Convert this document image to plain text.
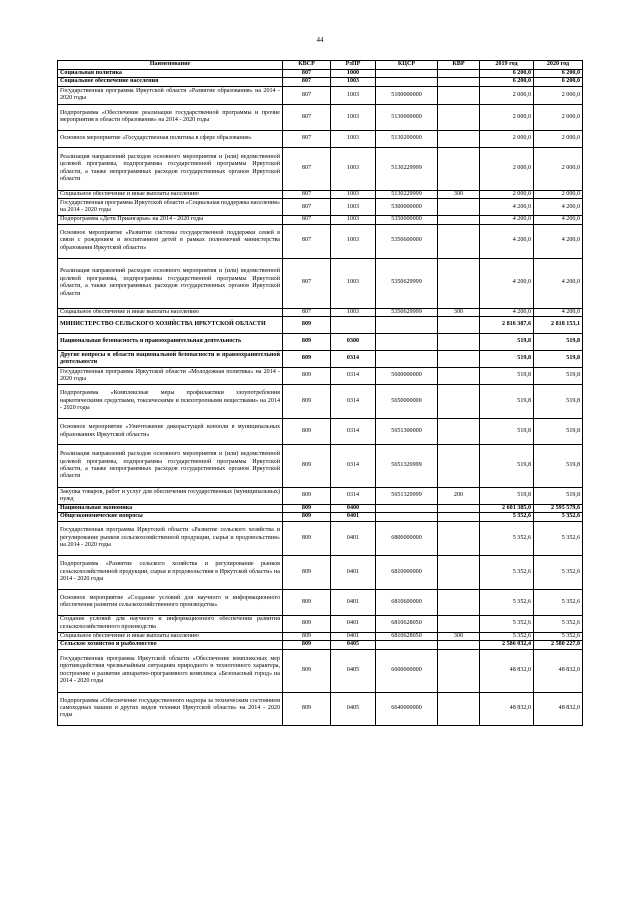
44
Наименование	КВСР	РзПР	КЦСР	КВР	2019 год	2020 год
Социальная политика	807	1000			6 200,0	6 200,0
Социальное обеспечение населения	807	1003			6 200,0	6 200,0
Государственная программа Иркутской области «Развитие образования» на 2014 - 2020 годы	807	1003	5100000000		2 000,0	2 000,0
Подпрограмма «Обеспечение реализации государственной программы и прочие мероприятия в области образования» на 2014 - 2020 годы	807	1003	5130000000		2 000,0	2 000,0
Основное мероприятие «Государственная политика в сфере образования»	807	1003	5130200000		2 000,0	2 000,0
Реализация направлений расходов основного мероприятия и (или) ведомственной целевой программы, подпрограммы государственной программы Иркутской области, а также непрограммных расходов государственных органов Иркутской области	807	1003	5130229999		2 000,0	2 000,0
Социальное обеспечение и иные выплаты населению	807	1003	5130229999	300	2 000,0	2 000,0
Государственная программа Иркутской области «Социальная поддержка населения» на 2014 - 2020 годы	807	1003	5300000000		4 200,0	4 200,0
Подпрограмма «Дети Приангарья» на 2014 - 2020 годы	807	1003	5350000000		4 200,0	4 200,0
Основное мероприятие «Развитие системы государственной поддержки семей в связи с рождением и воспитанием детей в рамках полномочий министерства образования Иркутской области»	807	1003	5350600000		4 200,0	4 200,0
Реализация направлений расходов основного мероприятия и (или) ведомственной целевой программы, подпрограммы государственной программы Иркутской области, а также непрограммных расходов государственных органов Иркутской области	807	1003	5350629999		4 200,0	4 200,0
Социальное обеспечение и иные выплаты населению	807	1003	5350629999	300	4 200,0	4 200,0
МИНИСТЕРСТВО СЕЛЬСКОГО ХОЗЯЙСТВА ИРКУТСКОЙ ОБЛАСТИ	809				2 816 387,6	2 818 153,1
Национальная безопасность и правоохранительная деятельность	809	0300			519,8	519,8
Другие вопросы в области национальной безопасности и правоохранительной деятельности	809	0314			519,8	519,8
Государственная программа Иркутской области «Молодежная политика» на 2014 - 2020 годы	809	0314	5600000000		519,8	519,8
Подпрограмма «Комплексные меры профилактики злоупотребления наркотическими средствами, токсическими и психотропными веществами» на 2014 - 2020 годы	809	0314	5650000000		519,8	519,8
Основное мероприятие «Уничтожение дикорастущей конопли в муниципальных образованиях Иркутской области»	809	0314	5651300000		519,8	519,8
Реализация направлений расходов основного мероприятия и (или) ведомственной целевой программы, подпрограммы государственной программы Иркутской области, а также непрограммных расходов государственных органов Иркутской области	809	0314	5651329999		519,8	519,8
Закупка товаров, работ и услуг для обеспечения государственных (муниципальных) нужд	809	0314	5651329999	200	519,8	519,8
Национальная экономика	809	0400			2 601 385,0	2 595 579,6
Общеэкономические вопросы	809	0401			5 352,6	5 352,6
Государственная программа Иркутской области «Развитие сельского хозяйства и регулирование рынков сельскохозяйственной продукции, сырья и продовольствия» на 2014 - 2020 годы	809	0401	6800000000		5 352,6	5 352,6
Подпрограмма «Развитие сельского хозяйства и регулирование рынков сельскохозяйственной продукции, сырья и продовольствия в Иркутской области» на 2014 - 2020 годы	809	0401	6810000000		5 352,6	5 352,6
Основное мероприятие «Создание условий для научного и информационного обеспечения развития сельскохозяйственного производства»	809	0401	6810600000		5 352,6	5 352,6
Создание условий для научного и информационного обеспечения развития сельскохозяйственного производства	809	0401	6810628050		5 352,6	5 352,6
Социальное обеспечение и иные выплаты населению	809	0401	6810628050	300	5 352,6	5 352,6
Сельское хозяйство и рыболовство	809	0405			2 586 032,4	2 580 227,0
Государственная программа Иркутской области «Обеспечение комплексных мер противодействия чрезвычайным ситуациям природного и техногенного характера, построение и развитие аппаратно-программного комплекса «Безопасный город» на 2014 - 2020 годы	809	0405	6600000000		48 832,0	48 832,0
Подпрограмма «Обеспечение государственного надзора за техническим состоянием самоходных машин и других видов техники Иркутской области» на 2014 - 2020 годы	809	0405	6640000000		48 832,0	48 832,0
